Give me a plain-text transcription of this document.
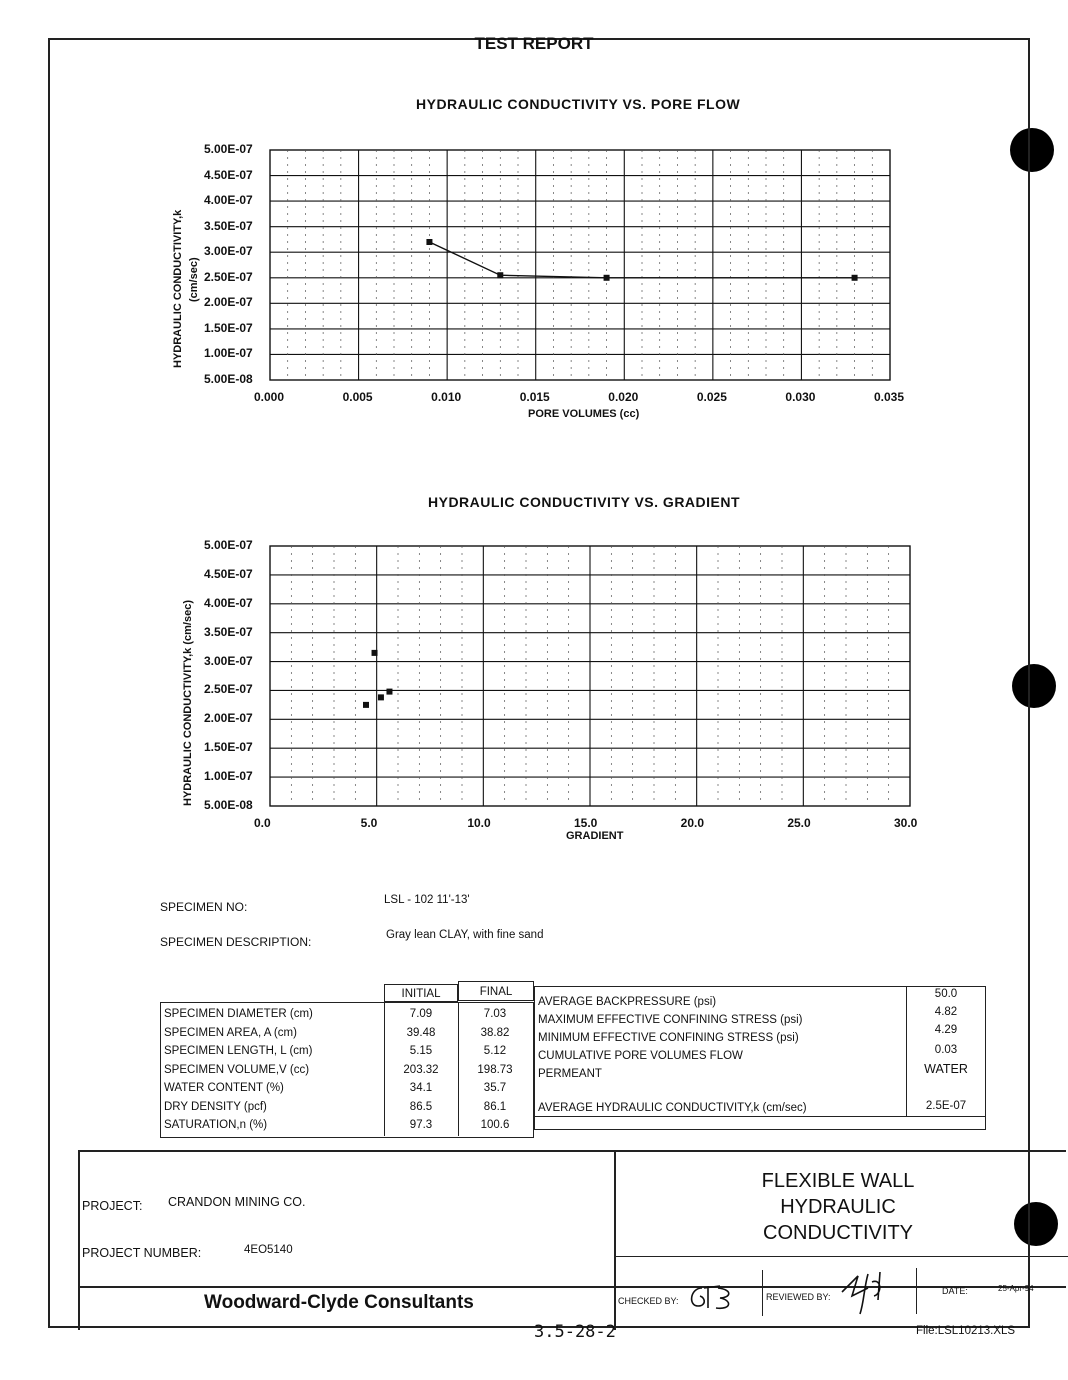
TEST REPORT
HYDRAULIC CONDUCTIVITY VS. PORE FLOW
HYDRAULIC CONDUCTIVITY,k (cm/sec)
5.00E-07
4.50E-07
4.00E-07
3.50E-07
3.00E-07
2.50E-07
2.00E-07
1.50E-07
1.00E-07
5.00E-08
0.000	0.005	0.010	0.015	0.020	0.025	0.030	0.035
PORE VOLUMES (cc)
HYDRAULIC CONDUCTIVITY VS. GRADIENT
HYDRAULIC CONDUCTIVITY,k (cm/sec)
5.00E-07
4.50E-07
4.00E-07
3.50E-07
3.00E-07
2.50E-07
2.00E-07
1.50E-07
1.00E-07
5.00E-08
0.0	5.0	10.0	15.0	20.0	25.0	30.0
GRADIENT
SPECIMEN NO:	LSL - 102 11'-13'
SPECIMEN DESCRIPTION:	Gray lean CLAY, with fine sand
INITIAL	FINAL
SPECIMEN DIAMETER (cm)	7.09	7.03
SPECIMEN AREA, A (cm)	39.48	38.82
SPECIMEN LENGTH, L (cm)	5.15	5.12
SPECIMEN VOLUME,V (cc)	203.32	198.73
WATER CONTENT (%)	34.1	35.7
DRY DENSITY (pcf)	86.5	86.1
SATURATION,n (%)	97.3	100.6
AVERAGE BACKPRESSURE (psi)
50.0
MAXIMUM EFFECTIVE CONFINING STRESS (psi)
4.82
MINIMUM EFFECTIVE CONFINING STRESS (psi)
4.29
CUMULATIVE PORE VOLUMES FLOW	0.03
PERMEANT	WATER
AVERAGE HYDRAULIC CONDUCTIVITY,k (cm/sec)	2.5E-07
PROJECT: CRANDON MINING CO.
PROJECT NUMBER:	4EO5140
FLEXIBLE WALL
HYDRAULIC
CONDUCTIVITY
Woodward-Clyde Consultants	CHECKED BY:	REVIEWED BY:
DATE:	25-Apr-94
3.5-28-2	File:LSL10213.XLS
